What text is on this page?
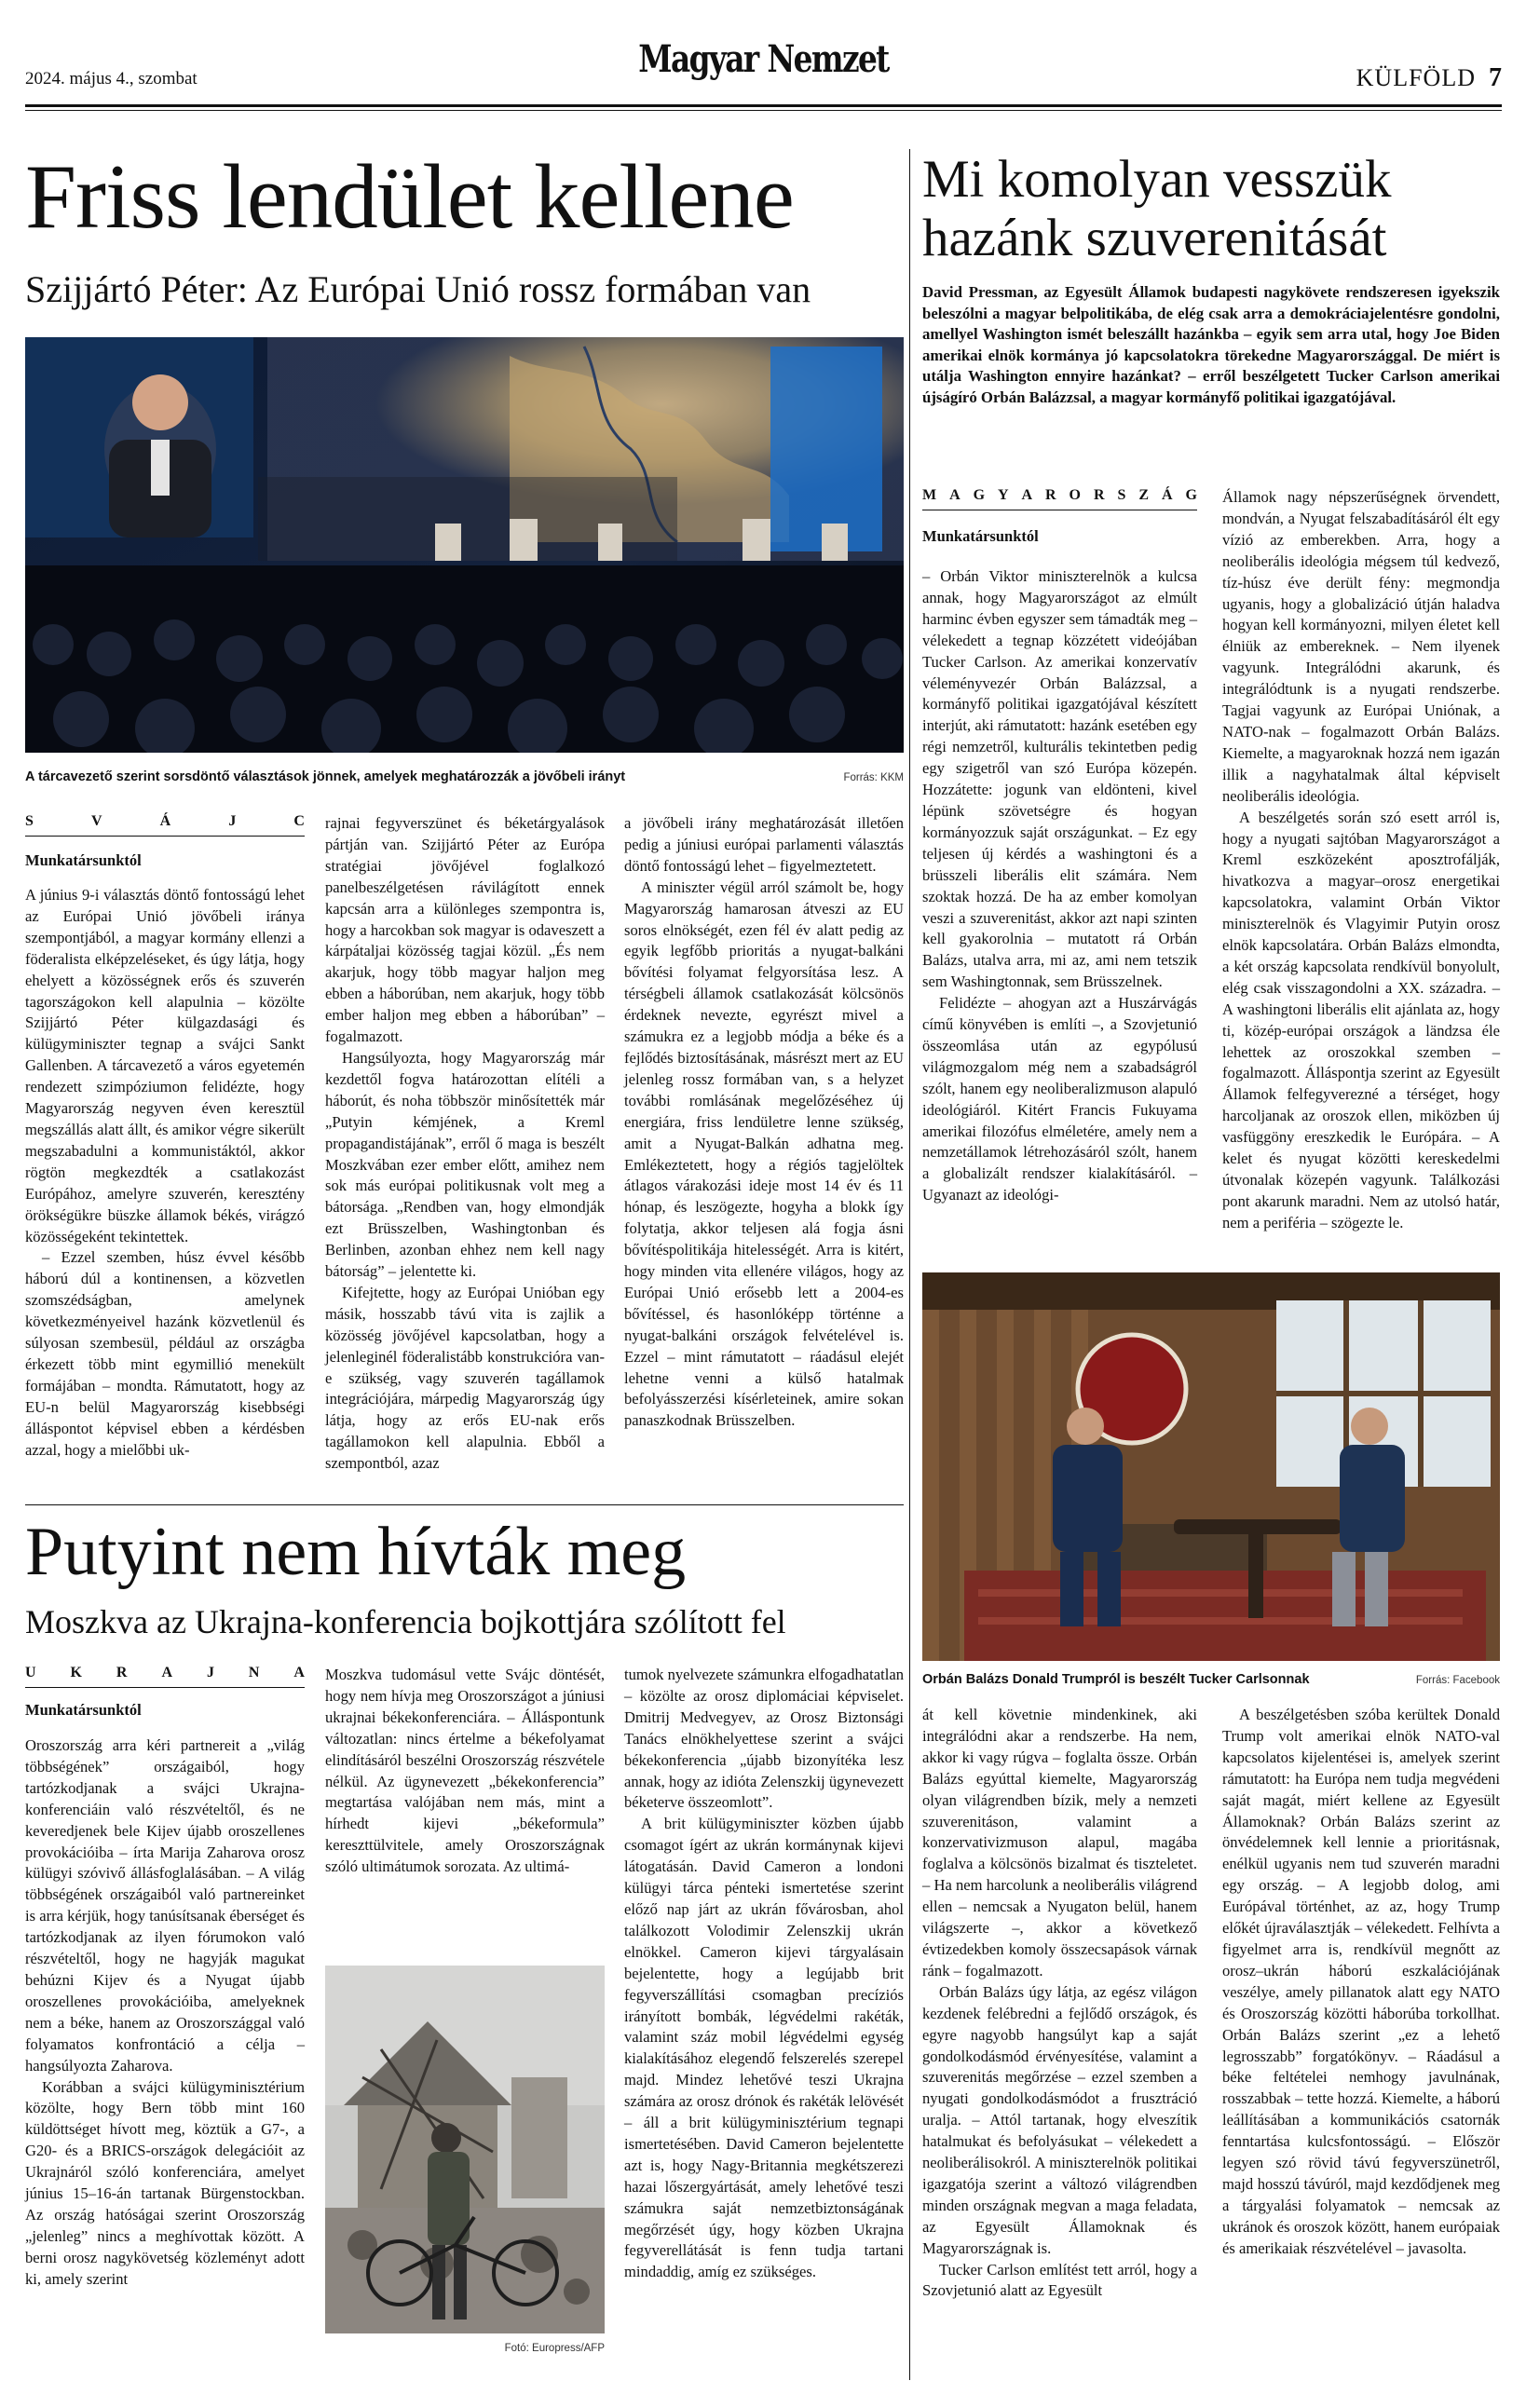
2024. május 4., szombat	Magyar Nemzet	KÜLFÖLD 7
Friss lendület kellene
Szijjártó Péter: Az Európai Unió rossz formában van
A tárcavezető szerint sorsdöntő választások jönnek, amelyek meghatározzák a jövőbeli irányt	Forrás: KKM
S	V	Á	J	C
Munkatársunktól

A június 9-i választás döntő fontosságú lehet az Európai Unió jövőbeli iránya szempontjából, a magyar kormány ellenzi a föderalista elképzeléseket, és úgy látja, hogy ehelyett a közösségnek erős és szuverén tagországokon kell alapulnia – közölte Szijjártó Péter külgazdasági és külügyminiszter tegnap a svájci Sankt Gallenben. A tárcavezető a város egyetemén rendezett szimpóziumon felidézte, hogy Magyarország negyven éven keresztül megszállás alatt állt, és amikor végre sikerült megszabadulni a kommunistáktól, akkor rögtön megkezdték a csatlakozást Európához, amelyre szuverén, keresztény örökségükre büszke államok békés, virágzó közösségeként tekintettek.

– Ezzel szemben, húsz évvel később háború dúl a kontinensen, a közvetlen szomszédságban, amelynek következményeivel hazánk közvetlenül és súlyosan szembesül, például az országba érkezett több mint egymillió menekült formájában – mondta. Rámutatott, hogy az EU-n belül Magyarország kisebbségi álláspontot képvisel ebben a kérdésben azzal, hogy a mielőbbi uk-

rajnai fegyverszünet és béketárgyalások pártján van. Szijjártó Péter az Európa stratégiai jövőjével foglalkozó panelbeszélgetésen rávilágított ennek kapcsán arra a különleges szempontra is, hogy a harcokban sok magyar is odaveszett a kárpátaljai közösség tagjai közül. „És nem akarjuk, hogy több magyar haljon meg ebben a háborúban, nem akarjuk, hogy több ember haljon meg ebben a háborúban” – fogalmazott.

Hangsúlyozta, hogy Magyarország már kezdettől fogva határozottan elítéli a háborút, és noha többször minősítették már „Putyin kémjének, a Kreml propagandistájának”, erről ő maga is beszélt Moszkvában ezer ember előtt, amihez nem sok más európai politikusnak volt meg a bátorsága. „Rendben van, hogy elmondják ezt Brüsszelben, Washingtonban és Berlinben, azonban ehhez nem kell nagy bátorság” – jelentette ki.

Kifejtette, hogy az Európai Unióban egy másik, hosszabb távú vita is zajlik a közösség jövőjével kapcsolatban, hogy a jelenleginél föderalistább konstrukcióra van-e szükség, vagy szuverén tagállamok integrációjára, márpedig Magyarország úgy látja, hogy az erős EU-nak erős tagállamokon kell alapulnia. Ebből a szempontból, azaz

a jövőbeli irány meghatározását illetően pedig a júniusi európai parlamenti választás döntő fontosságú lehet – figyelmeztetett.

A miniszter végül arról számolt be, hogy Magyarország hamarosan átveszi az EU soros elnökségét, ezen fél év alatt pedig az egyik legfőbb prioritás a nyugat-balkáni bővítési folyamat felgyorsítása lesz. A térségbeli államok csatlakozását kölcsönös érdeknek nevezte, egyrészt mivel a számukra ez a legjobb módja a béke és a fejlődés biztosításának, másrészt mert az EU jelenleg rossz formában van, s a helyzet további romlásának megelőzéséhez új energiára, friss lendületre lenne szükség, amit a Nyugat-Balkán adhatna meg. Emlékeztetett, hogy a régiós tagjelöltek átlagos várakozási ideje most 14 év és 11 hónap, és leszögezte, hogyha a blokk így folytatja, akkor teljesen alá fogja ásni bővítéspolitikája hitelességét. Arra is kitért, hogy minden vita ellenére világos, hogy az Európai Unió erősebb lett a 2004-es bővítéssel, és hasonlóképp történne a nyugat-balkáni országok felvételével is. Ezzel – mint rámutatott – ráadásul elejét lehetne venni a külső hatalmak befolyásszerzési kísérleteinek, amire sokan panaszkodnak Brüsszelben.

Mi komolyan vesszük hazánk szuverenitását
David Pressman, az Egyesült Államok budapesti nagykövete rendszeresen igyekszik beleszólni a magyar belpolitikába, de elég csak arra a demokráciajelentésre gondolni, amellyel Washington ismét beleszállt hazánkba – egyik sem arra utal, hogy Joe Biden amerikai elnök kormánya jó kapcsolatokra törekedne Magyarországgal. De miért is utálja Washington ennyire hazánkat? – erről beszélgetett Tucker Carlson amerikai újságíró Orbán Balázzsal, a magyar kormányfő politikai igazgatójával.
M A G Y A R O R S Z Á G
Munkatársunktól

– Orbán Viktor miniszterelnök a kulcsa annak, hogy Magyarországot az elmúlt harminc évben egyszer sem támadták meg – vélekedett a tegnap közzétett videójában Tucker Carlson. Az amerikai konzervatív véleményvezér Orbán Balázzsal, a kormányfő politikai igazgatójával készített interjút, aki rámutatott: hazánk esetében egy régi nemzetről, kulturális tekintetben pedig egy szigetről van szó Európa közepén. Hozzátette: jogunk van eldönteni, kivel lépünk szövetségre és hogyan kormányozzuk saját országunkat. – Ez egy teljesen új kérdés a washingtoni és a brüsszeli liberális elit számára. Nem szoktak hozzá. De ha az ember komolyan veszi a szuverenitást, akkor azt napi szinten kell gyakorolnia – mutatott rá Orbán Balázs, utalva arra, mi az, ami nem tetszik sem Washingtonnak, sem Brüsszelnek.

Felidézte – ahogyan azt a Huszárvágás című könyvében is említi –, a Szovjetunió összeomlása után az egypólusú világmozgalom még nem a szabadságról szólt, hanem egy neoliberalizmuson alapuló ideológiáról. Kitért Francis Fukuyama amerikai filozófus elméletére, amely nem a nemzetállamok létrehozásáról szólt, hanem a globalizált rendszer kialakításáról. – Ugyanazt az ideológi-

Államok nagy népszerűségnek örvendett, mondván, a Nyugat felszabadításáról élt egy vízió az emberekben. Arra, hogy a neoliberális ideológia mégsem túl kedvező, tíz-húsz éve derült fény: megmondja ugyanis, hogy a globalizáció útján haladva hogyan kell kormányozni, milyen életet kell élniük az embereknek. – Nem ilyenek vagyunk. Integrálódni akarunk, és integrálódtunk is a nyugati rendszerbe. Tagjai vagyunk az Európai Uniónak, a NATO-nak – fogalmazott Orbán Balázs. Kiemelte, a magyaroknak hozzá nem igazán illik a nagyhatalmak által képviselt neoliberális ideológia.

A beszélgetés során szó esett arról is, hogy a nyugati sajtóban Magyarországot a Kreml eszközeként aposztrofálják, hivatkozva a magyar–orosz energetikai kapcsolatokra, valamint Orbán Viktor miniszterelnök és Vlagyimir Putyin orosz elnök kapcsolatára. Orbán Balázs elmondta, a két ország kapcsolata rendkívül bonyolult, elég csak visszagondolni a XX. századra. – A washingtoni liberális elit ajánlata az, hogy ti, közép-európai országok a ländzsa éle lehettek az oroszokkal szemben – fogalmazott. Álláspontja szerint az Egyesült Államok felfegyverezné a térséget, hogy harcoljanak az oroszok ellen, miközben új vasfüggöny ereszkedik le Európára. – A kelet és nyugat közötti kereskedelmi útvonalak közepén vagyunk. Találkozási pont akarunk maradni. Nem az utolsó határ, nem a periféria – szögezte le.

Orbán Balázs Donald Trumpról is beszélt Tucker Carlsonnak	Forrás: Facebook

át kell követnie mindenkinek, aki integrálódni akar a rendszerbe. Ha nem, akkor ki vagy rúgva – foglalta össze. Orbán Balázs egyúttal kiemelte, Magyarország olyan világrendben bízik, mely a nemzeti szuverenitáson, valamint a konzervativizmuson alapul, magába foglalva a kölcsönös bizalmat és tiszteletet. – Ha nem harcolunk a neoliberális világrend ellen – nemcsak a Nyugaton belül, hanem világszerte –, akkor a következő évtizedekben komoly összecsapások várnak ránk – fogalmazott.

Orbán Balázs úgy látja, az egész világon kezdenek felébredni a fejlődő országok, és egyre nagyobb hangsúlyt kap a saját gondolkodásmód érvényesítése, valamint a szuverenitás megőrzése – ezzel szemben a nyugati gondolkodásmódot a frusztráció uralja. – Attól tartanak, hogy elveszítik hatalmukat és befolyásukat – vélekedett a neoliberálisokról. A miniszterelnök politikai igazgatója szerint a változó világrendben minden országnak megvan a maga feladata, az Egyesült Államoknak és Magyarországnak is.

Tucker Carlson említést tett arról, hogy a Szovjetunió alatt az Egyesült

A beszélgetésben szóba kerültek Donald Trump volt amerikai elnök NATO-val kapcsolatos kijelentései is, amelyek szerint rámutatott: ha Európa nem tudja megvédeni saját magát, miért kellene az Egyesült Államoknak? Orbán Balázs szerint az önvédelemnek kell lennie a prioritásnak, enélkül ugyanis nem tud szuverén maradni egy ország. – A legjobb dolog, ami Európával történhet, az az, hogy Trump előkét újraválasztják – vélekedett. Felhívta a figyelmet arra is, rendkívül megnőtt az orosz–ukrán háború eszkalációjának veszélye, amely pillanatok alatt egy NATO és Oroszország közötti háborúba torkollhat. Orbán Balázs szerint „ez a lehető legrosszabb” forgatókönyv. – Ráadásul a béke feltételei nemhogy javulnának, rosszabbak – tette hozzá. Kiemelte, a háború leállításában a kommunikációs csatornák fenntartása kulcsfontosságú. – Először legyen szó rövid távú fegyverszünetről, majd hosszú távúról, majd kezdődjenek meg a tárgyalási folyamatok – nemcsak az ukránok és oroszok között, hanem európaiak és amerikaiak részvételével – javasolta.

Putyint nem hívták meg
Moszkva az Ukrajna-konferencia bojkottjára szólított fel
U K R A J N A
Munkatársunktól

Oroszország arra kéri partnereit a „világ többségének” országaiból, hogy tartózkodjanak a svájci Ukrajna-konferenciáin való részvételtől, és ne keveredjenek bele Kijev újabb oroszellenes provokációiba – írta Marija Zaharova orosz külügyi szóvivő állásfoglalásában. – A világ többségének országaiból való partnereinket is arra kérjük, hogy tanúsítsanak éberséget és tartózkodjanak az ilyen fórumokon való részvételtől, hogy ne hagyják magukat behúzni Kijev és a Nyugat újabb oroszellenes provokációiba, amelyeknek nem a béke, hanem az Oroszországgal való folyamatos konfrontáció a célja – hangsúlyozta Zaharova.

Korábban a svájci külügyminisztérium közölte, hogy Bern több mint 160 küldöttséget hívott meg, köztük a G7-, a G20- és a BRICS-országok delegációit az Ukrajnáról szóló konferenciára, amelyet június 15–16-án tartanak Bürgenstockban. Az ország hatóságai szerint Oroszország „jelenleg” nincs a meghívottak között. A berni orosz nagykövetség közleményt adott ki, amely szerint

Moszkva tudomásul vette Svájc döntését, hogy nem hívja meg Oroszországot a júniusi ukrajnai békekonferenciára. – Álláspontunk változatlan: nincs értelme a békefolyamat elindításáról beszélni Oroszország részvétele nélkül. Az ügynevezett „békekonferencia” megtartása valójában nem más, mint a hírhedt kijevi „békeformula” kereszttülvitele, amely Oroszországnak szóló ultimátumok sorozata. Az ultimá-

Fotó: Europress/AFP

tumok nyelvezete számunkra elfogadhatatlan – közölte az orosz diplomáciai képviselet. Dmitrij Medvegyev, az Orosz Biztonsági Tanács elnökhelyettese szerint a svájci békekonferencia „újabb bizonyítéka lesz annak, hogy az idióta Zelenszkij ügynevezett béketerve összeomlott”.

A brit külügyminiszter közben újabb csomagot ígért az ukrán kormánynak kijevi látogatásán. David Cameron a londoni külügyi tárca pénteki ismertetése szerint előző nap járt az ukrán fővárosban, ahol találkozott Volodimir Zelenszkij ukrán elnökkel. Cameron kijevi tárgyalásain bejelentette, hogy a legújabb brit fegyverszállítási csomagban precíziós irányított bombák, légvédelmi rakéták, valamint száz mobil légvédelmi egység kialakításához elegendő felszerelés szerepel majd. Mindez lehetővé teszi Ukrajna számára az orosz drónok és rakéták lelövését – áll a brit külügyminisztérium tegnapi ismertetésében. David Cameron bejelentette azt is, hogy Nagy-Britannia megkétszerezi hazai lőszergyártását, amely lehetővé teszi számukra saját nemzetbiztonságának megőrzését úgy, hogy közben Ukrajna fegyverellátását is fenn tudja tartani mindaddig, amíg ez szükséges.
